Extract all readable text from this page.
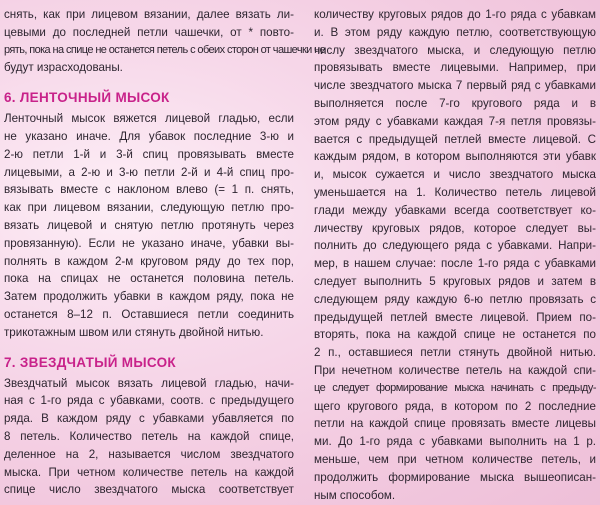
снять, как при лицевом вязании, далее вязать ли-
цевыми до последней петли чашечки, от * повто-
рять, пока на спице не останется петель с обеих сторон от чашечки не
будут израсходованы.
6. ЛЕНТОЧНЫЙ МЫСОК
Ленточный мысок вяжется лицевой гладью, если
не указано иначе. Для убавок последние 3-ю и
2-ю петли 1-й и 3-й спиц провязывать вместе
лицевыми, а 2-ю и 3-ю петли 2-й и 4-й спиц про-
вязывать вместе с наклоном влево (= 1 п. снять,
как при лицевом вязании, следующую петлю про-
вязать лицевой и снятую петлю протянуть через
провязанную). Если не указано иначе, убавки вы-
полнять в каждом 2-м круговом ряду до тех пор,
пока на спицах не останется половина петель.
Затем продолжить убавки в каждом ряду, пока не
останется 8–12 п. Оставшиеся петли соединить
трикотажным швом или стянуть двойной нитью.
7. ЗВЕЗДЧАТЫЙ МЫСОК
Звездчатый мысок вязать лицевой гладью, начи-
ная с 1-го ряда с убавками, соотв. с предыдущего
ряда. В каждом ряду с убавками убавляется по
8 петель. Количество петель на каждой спице,
деленное на 2, называется числом звездчатого
мыска. При четном количестве петель на каждой
спице число звездчатого мыска соответствует
количеству круговых рядов до 1-го ряда с убавкам
и. В этом ряду каждую петлю, соответствующую
числу звездчатого мыска, и следующую петлю
провязывать вместе лицевыми. Например, при
числе звездчатого мыска 7 первый ряд с убавками
выполняется после 7-го кругового ряда и в
этом ряду с убавками каждая 7-я петля провязы-
вается с предыдущей петлей вместе лицевой. С
каждым рядом, в котором выполняются эти убавк
и, мысок сужается и число звездчатого мыска
уменьшается на 1. Количество петель лицевой
глади между убавками всегда соответствует ко-
личеству круговых рядов, которое следует вы-
полнить до следующего ряда с убавками. Напри-
мер, в нашем случае: после 1-го ряда с убавками
следует выполнить 5 круговых рядов и затем в
следующем ряду каждую 6-ю петлю провязать с
предыдущей петлей вместе лицевой. Прием по-
вторять, пока на каждой спице не останется по
2 п., оставшиеся петли стянуть двойной нитью.
При нечетном количестве петель на каждой спи-
це следует формирование мыска начинать с предыду-
щего кругового ряда, в котором по 2 последние
петли на каждой спице провязать вместе лицевы
ми. До 1-го ряда с убавками выполнить на 1 р.
меньше, чем при четном количестве петель, и
продолжить формирование мыска вышеописан-
ным способом.
